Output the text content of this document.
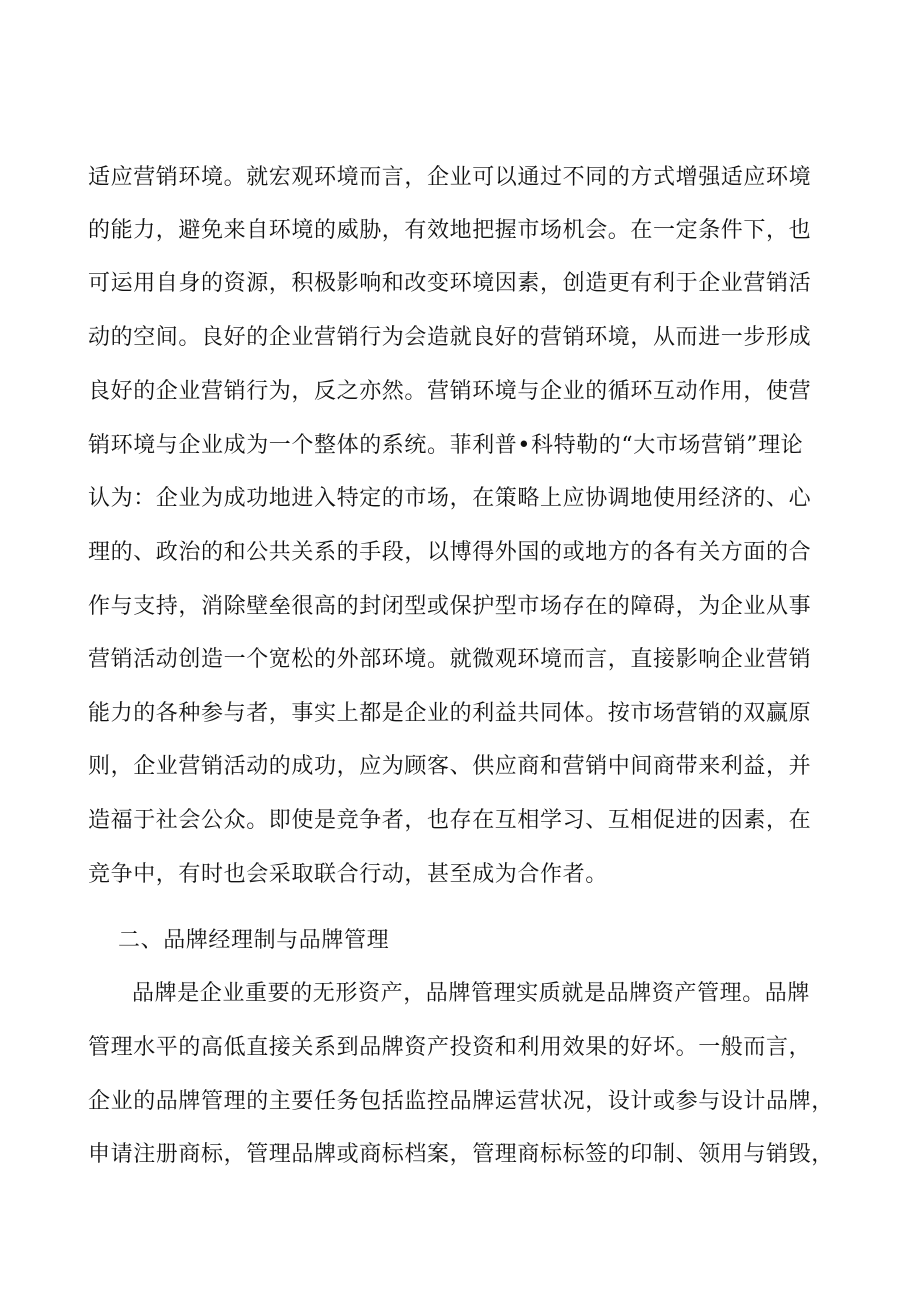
适应营销环境。就宏观环境而言，企业可以通过不同的方式增强适应环境
的能力，避免来自环境的威胁，有效地把握市场机会。在一定条件下，也
可运用自身的资源，积极影响和改变环境因素，创造更有利于企业营销活
动的空间。良好的企业营销行为会造就良好的营销环境，从而进一步形成
良好的企业营销行为，反之亦然。营销环境与企业的循环互动作用，使营
销环境与企业成为一个整体的系统。菲利普•科特勒的“大市场营销”理论
认为：企业为成功地进入特定的市场，在策略上应协调地使用经济的、心
理的、政治的和公共关系的手段，以博得外国的或地方的各有关方面的合
作与支持，消除壁垒很高的封闭型或保护型市场存在的障碍，为企业从事
营销活动创造一个宽松的外部环境。就微观环境而言，直接影响企业营销
能力的各种参与者，事实上都是企业的利益共同体。按市场营销的双赢原
则，企业营销活动的成功，应为顾客、供应商和营销中间商带来利益，并
造福于社会公众。即使是竞争者，也存在互相学习、互相促进的因素，在
竞争中，有时也会采取联合行动，甚至成为合作者。
二、品牌经理制与品牌管理
品牌是企业重要的无形资产，品牌管理实质就是品牌资产管理。品牌
管理水平的高低直接关系到品牌资产投资和利用效果的好坏。一般而言，
企业的品牌管理的主要任务包括监控品牌运营状况，设计或参与设计品牌，
申请注册商标，管理品牌或商标档案，管理商标标签的印制、领用与销毁，
